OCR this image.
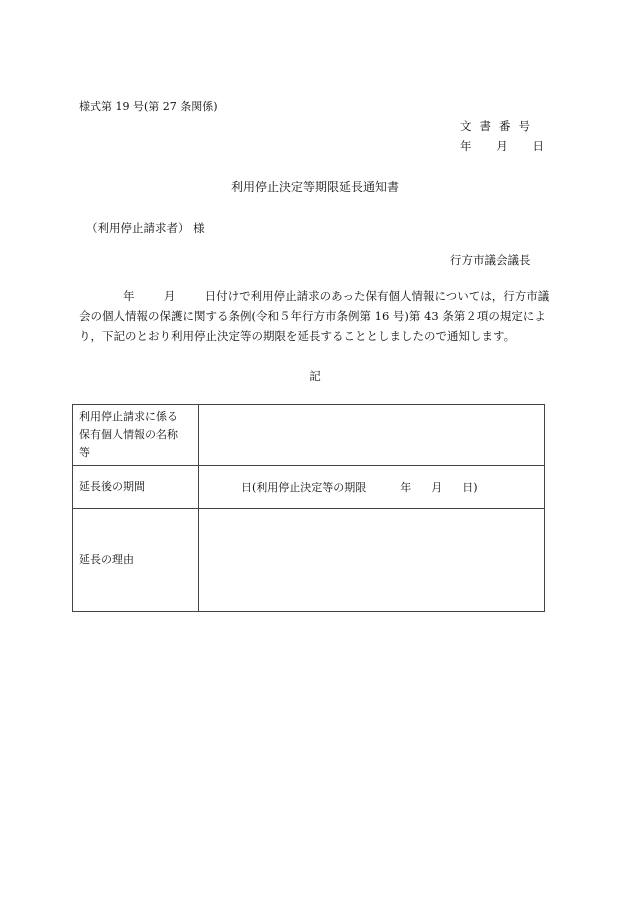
様式第 19 号(第 27 条関係)
文書番号
年 月 日
利用停止決定等期限延長通知書
（利用停止請求者） 様
行方市議会議長
年	月	日付けで利用停止請求のあった保有個人情報については，行方市議
会の個人情報の保護に関する条例(令和５年行方市条例第 16 号)第 43 条第２項の規定によ
り，下記のとおり利用停止決定等の期限を延長することとしましたので通知します。
記
利用停止請求に係る
保有個人情報の名称
等	

延長後の期間	日(利用停止決定等の期限 年 月 日)

延長の理由	
